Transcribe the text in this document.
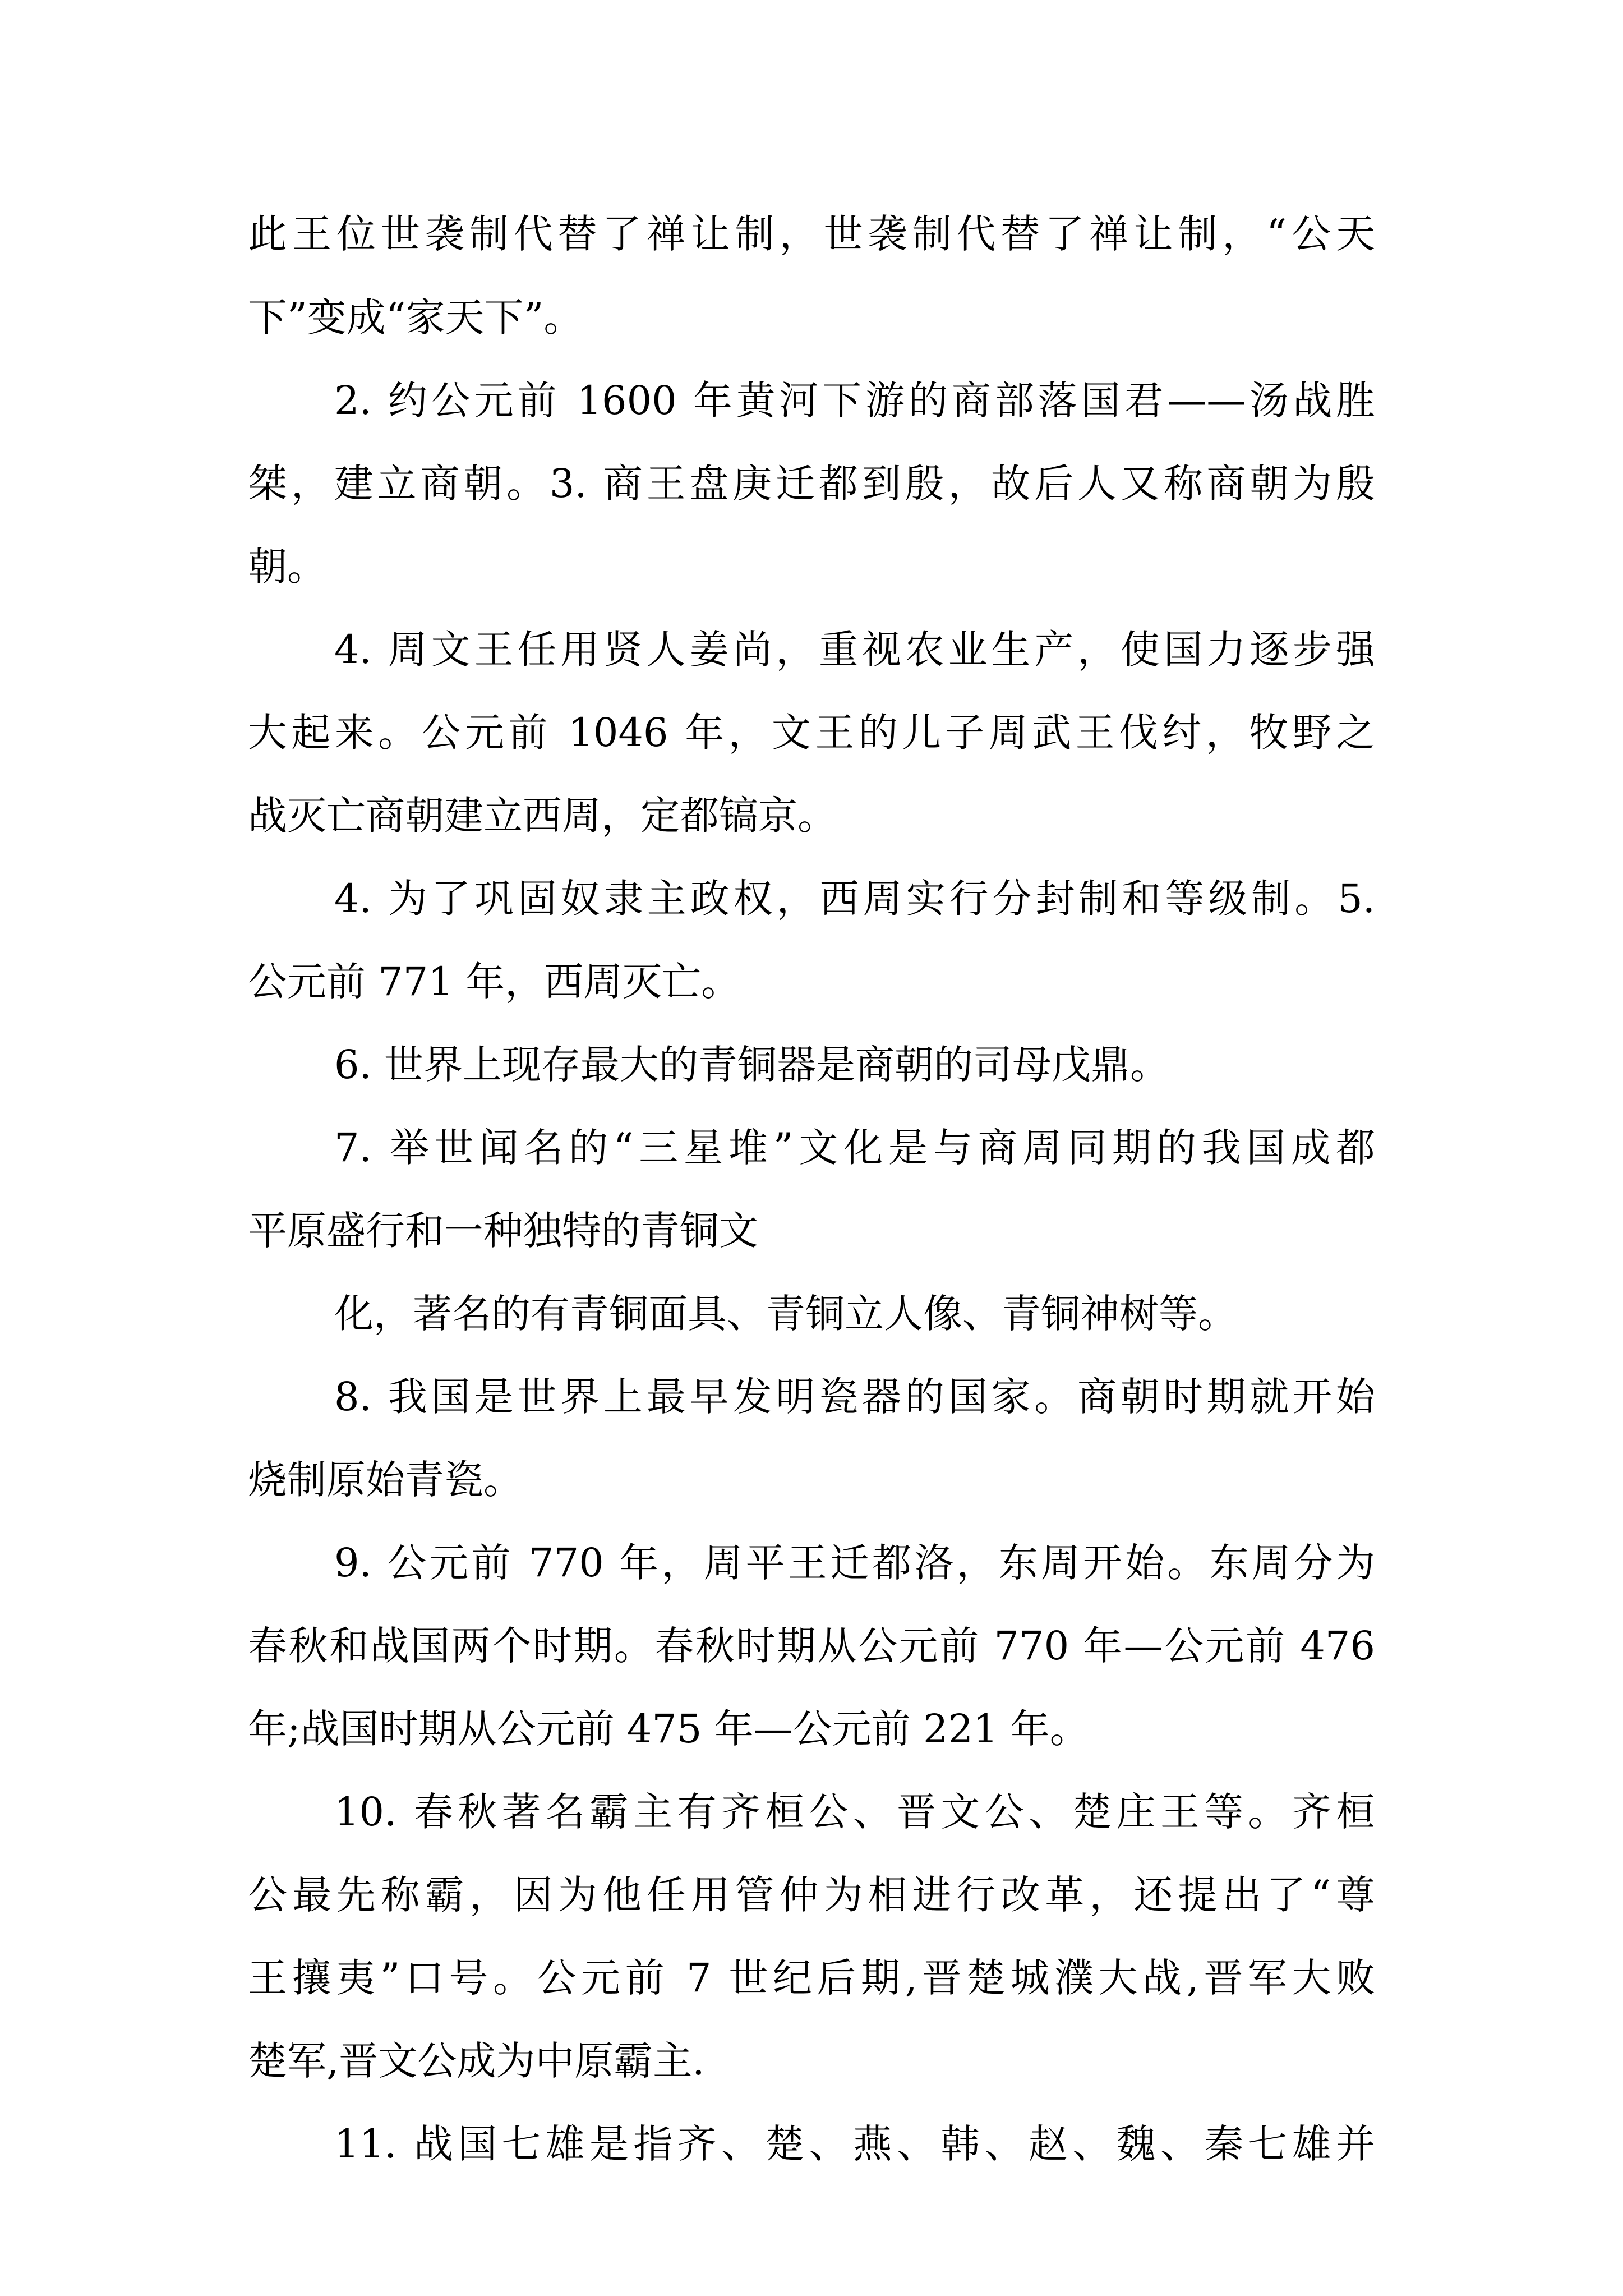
此王位世袭制代替了禅让制，世袭制代替了禅让制，“公天
下”变成“家天下”。
2. 约公元前 1600 年黄河下游的商部落国君——汤战胜
桀，建立商朝。3. 商王盘庚迁都到殷，故后人又称商朝为殷
朝。
4. 周文王任用贤人姜尚，重视农业生产，使国力逐步强
大起来。公元前 1046 年，文王的儿子周武王伐纣，牧野之
战灭亡商朝建立西周，定都镐京。
4. 为了巩固奴隶主政权，西周实行分封制和等级制。5.
公元前 771 年，西周灭亡。
6. 世界上现存最大的青铜器是商朝的司母戊鼎。
7. 举世闻名的“三星堆”文化是与商周同期的我国成都
平原盛行和一种独特的青铜文
化，著名的有青铜面具、青铜立人像、青铜神树等。
8. 我国是世界上最早发明瓷器的国家。商朝时期就开始
烧制原始青瓷。
9. 公元前 770 年，周平王迁都洛，东周开始。东周分为
春秋和战国两个时期。春秋时期从公元前 770 年—公元前 476
年;战国时期从公元前 475 年—公元前 221 年。
10. 春秋著名霸主有齐桓公、晋文公、楚庄王等。齐桓
公最先称霸，因为他任用管仲为相进行改革，还提出了“尊
王攘夷”口号。公元前 7 世纪后期,晋楚城濮大战,晋军大败
楚军,晋文公成为中原霸主.
11. 战国七雄是指齐、楚、燕、韩、赵、魏、秦七雄并
